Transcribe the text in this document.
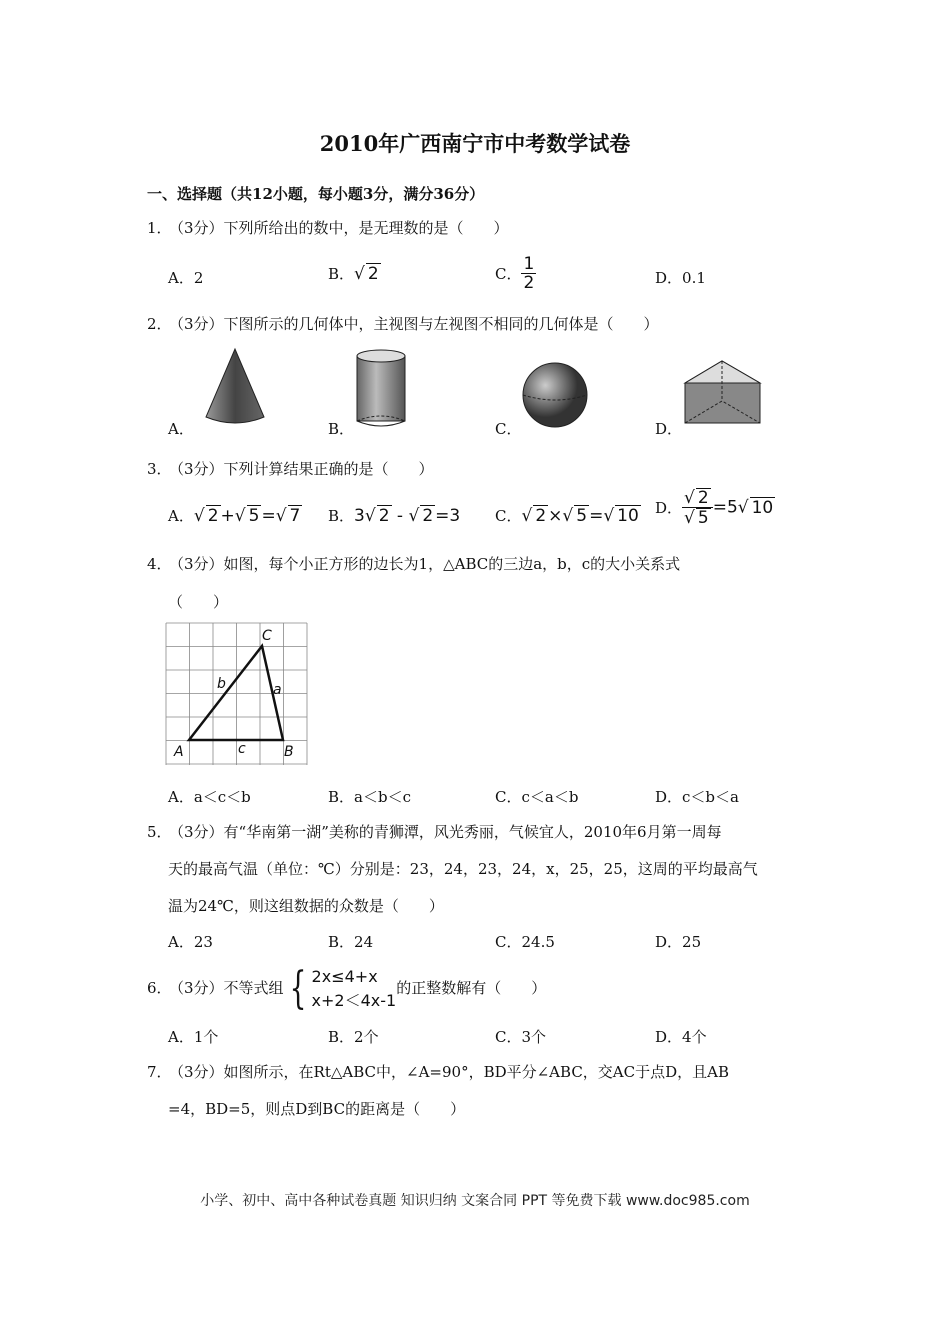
2010年广西南宁市中考数学试卷
一、选择题（共12小题，每小题3分，满分36分）
1．（3分）下列所给出的数中，是无理数的是（　　）
A．2	B．√ 2	C． $\frac{1}{2}$	D．0.1
2．（3分）下图所示的几何体中，主视图与左视图不相同的几何体是（　　）
A．	B．	C．	D．
3．（3分）下列计算结果正确的是（　　）
A．√ 2 +√ 5 =√ 7 B．3√ 2 - √ 2 =3 C．√ 2 ×√ 5 =√ 10 D． $\frac{√ 2}{√ 5} =5√$ 10
4．（3分）如图，每个小正方形的边长为1，△ABC的三边a，b，c的大小关系式
（　　）
C
A	B
a
b
c
A．a＜c＜b	B．a＜b＜c	C．c＜a＜b	D．c＜b＜a
5．（3分）有“华南第一湖”美称的青狮潭，风光秀丽，气候宜人，2010年6月第一周每
天的最高气温（单位：℃）分别是：23，24，23，24，x，25，25，这周的平均最高气
温为24℃，则这组数据的众数是（　　）
A．23	B．24	C．24.5	D．25
6．（3分）不等式组 { 2x≤4+x
x+2＜4x-1
的正整数解有（　　）
A．1个	B．2个	C．3个	D．4个
7．（3分）如图所示，在Rt△ABC中，∠A=90°，BD平分∠ABC，交AC于点D，且AB
=4，BD=5，则点D到BC的距离是（　　）
小学、初中、高中各种试卷真题 知识归纳 文案合同 PPT 等免费下载 www.doc985.com
